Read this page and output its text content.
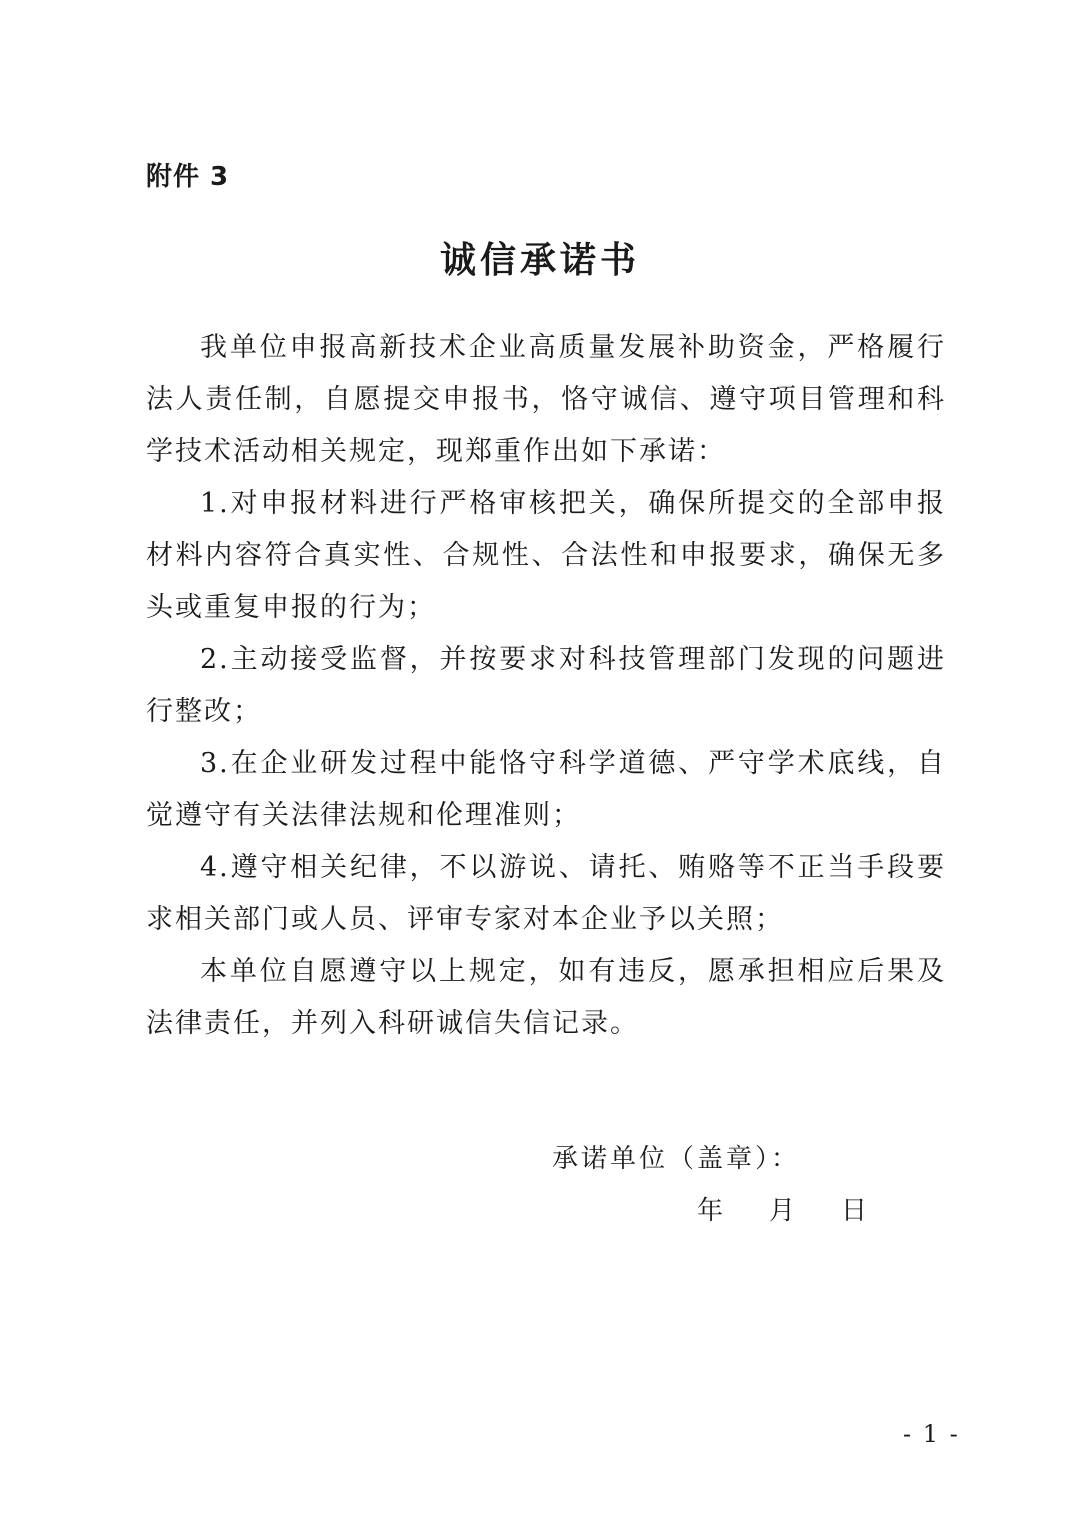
附件 3
诚信承诺书

我单位申报高新技术企业高质量发展补助资金，严格履行法人责任制，自愿提交申报书，恪守诚信、遵守项目管理和科学技术活动相关规定，现郑重作出如下承诺：

1.对申报材料进行严格审核把关，确保所提交的全部申报材料内容符合真实性、合规性、合法性和申报要求，确保无多头或重复申报的行为；

2.主动接受监督，并按要求对科技管理部门发现的问题进行整改；

3.在企业研发过程中能恪守科学道德、严守学术底线，自觉遵守有关法律法规和伦理准则；

4.遵守相关纪律，不以游说、请托、贿赂等不正当手段要求相关部门或人员、评审专家对本企业予以关照；

本单位自愿遵守以上规定，如有违反，愿承担相应后果及法律责任，并列入科研诚信失信记录。

承诺单位（盖章）：
年 月 日
- 1 -
